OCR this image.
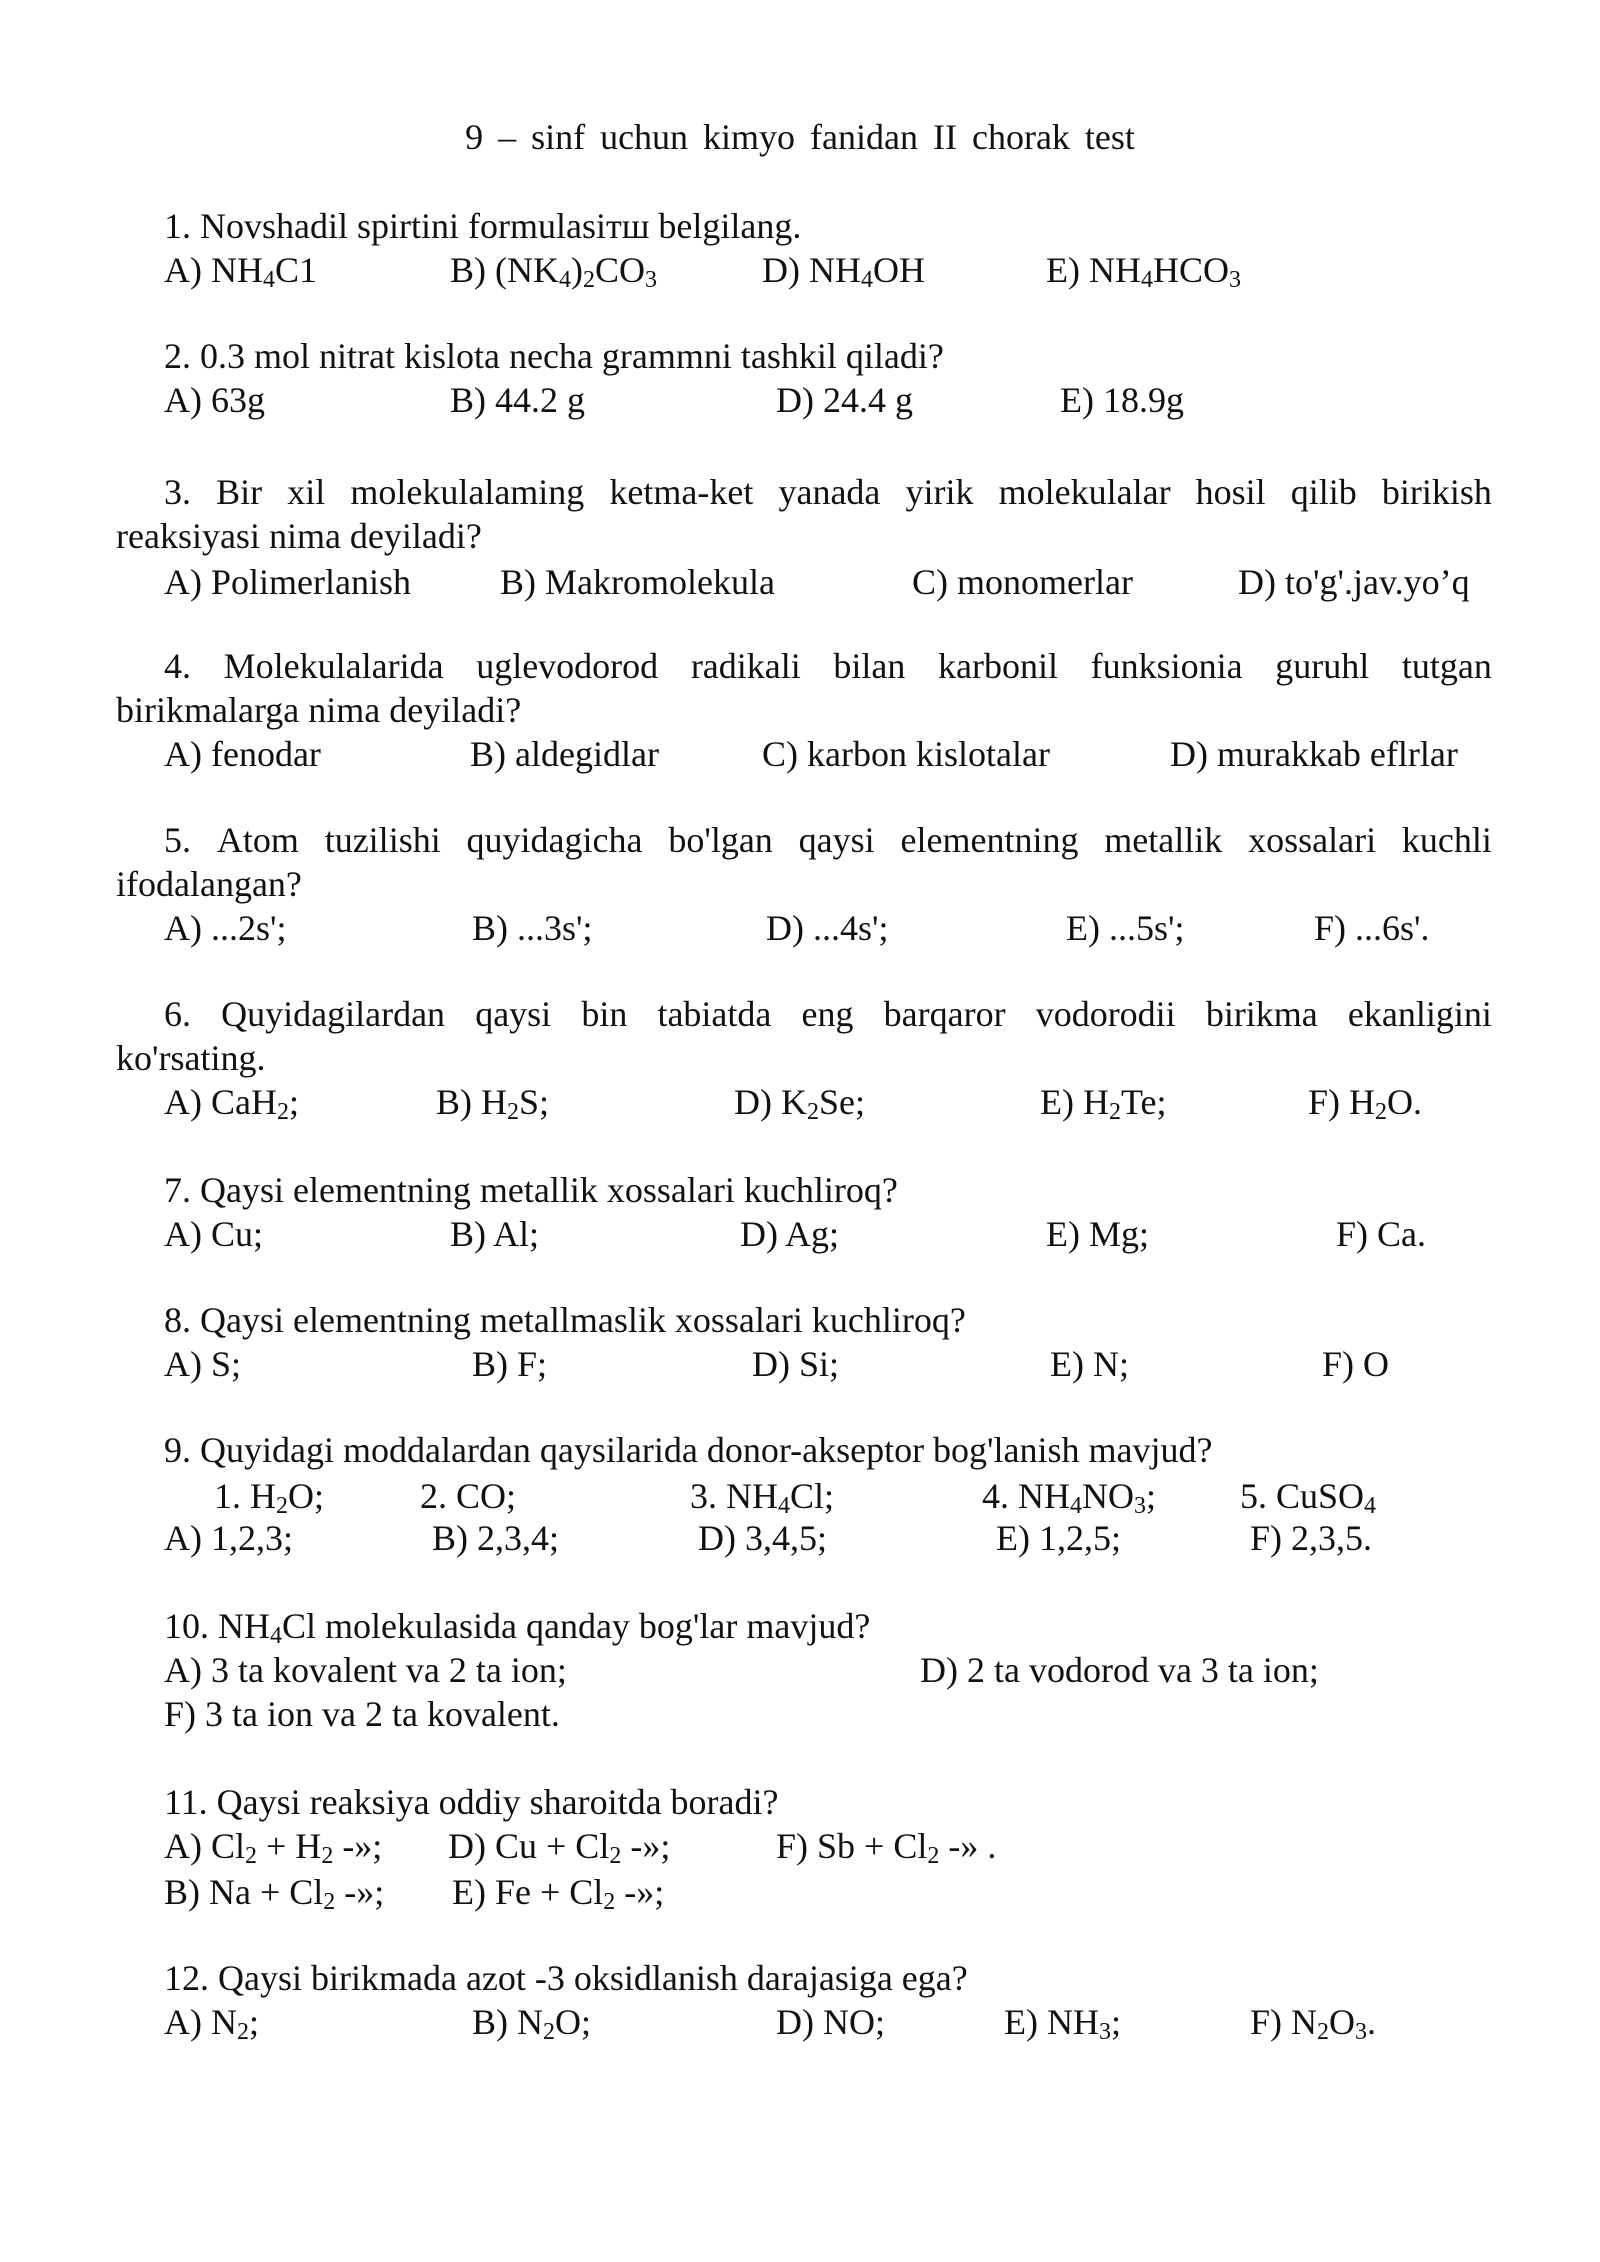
9 – sinf uchun kimyo fanidan II chorak test
1. Novshadil spirtini formulasiтш belgilang.
A) $NH_4C1$	B) $(NK_4)_2CO_3$	D) $NH_4OH$	E) $NH_4HCO_3$
2. 0.3 mol nitrat kislota necha grammni tashkil qiladi?
A) 63g	B) 44.2 g	D) 24.4 g	E) 18.9g
3. Bir xil molekulalaming ketma-ket yanada yirik molekulalar hosil qilib birikish
reaksiyasi nima deyiladi?
A) Polimerlanish B) Makromolekula	C) monomerlar	D) to'g'.jav.yo’q
4. Molekulalarida uglevodorod radikali bilan karbonil funksionia guruhl tutgan
birikmalarga nima deyiladi?
A) fenodar	B) aldegidlar	C) karbon kislotalar	D) murakkab eflrlar
5. Atom tuzilishi quyidagicha bo'lgan qaysi elementning metallik xossalari kuchli
ifodalangan?
A) ...2s';	B) ...3s';	D) ...4s';	E) ...5s';	F) ...6s'.
6. Quyidagilardan qaysi bin tabiatda eng barqaror vodorodii birikma ekanligini
ko'rsating.
A) CaH$_2$;	B) $H_2S$;	D) $K_2Se$;	E) $H_2Te$;	F) $H_2O$.
7. Qaysi elementning metallik xossalari kuchliroq?
A) Cu;	B) Al;	D) Ag;	E) Mg;	F) Ca.
8. Qaysi elementning metallmaslik xossalari kuchliroq?
A) S;	B) F;	D) Si;	E) N;	F) O
9. Quyidagi moddalardan qaysilarida donor-akseptor bog'lanish mavjud?
1. $H_2O$;	2. CO;	3. $NH_4Cl$;	4. $NH_4NO_3$; 5. CuSO$_4$
A) 1,2,3;	B) 2,3,4;	D) 3,4,5;	E) 1,2,5;	F) 2,3,5.
10. $NH_4Cl$ molekulasida qanday bog'lar mavjud?
A) 3 ta kovalent va 2 ta ion;	D) 2 ta vodorod va 3 ta ion;
F) 3 ta ion va 2 ta kovalent.
11. Qaysi reaksiya oddiy sharoitda boradi?
A) $Cl_2 + H_2$ -»; D) $Cu + Cl_2$ -»;	F) $Sb + Cl_2$ -» .
B) $Na + Cl_2$ -»; E) $Fe + Cl_2$ -»;
12. Qaysi birikmada azot -3 oksidlanish darajasiga ega?
A) $N_2$;	B) $N_2O$;	D) NO;	E) $NH_3$;	F) $N_2O_3$.
